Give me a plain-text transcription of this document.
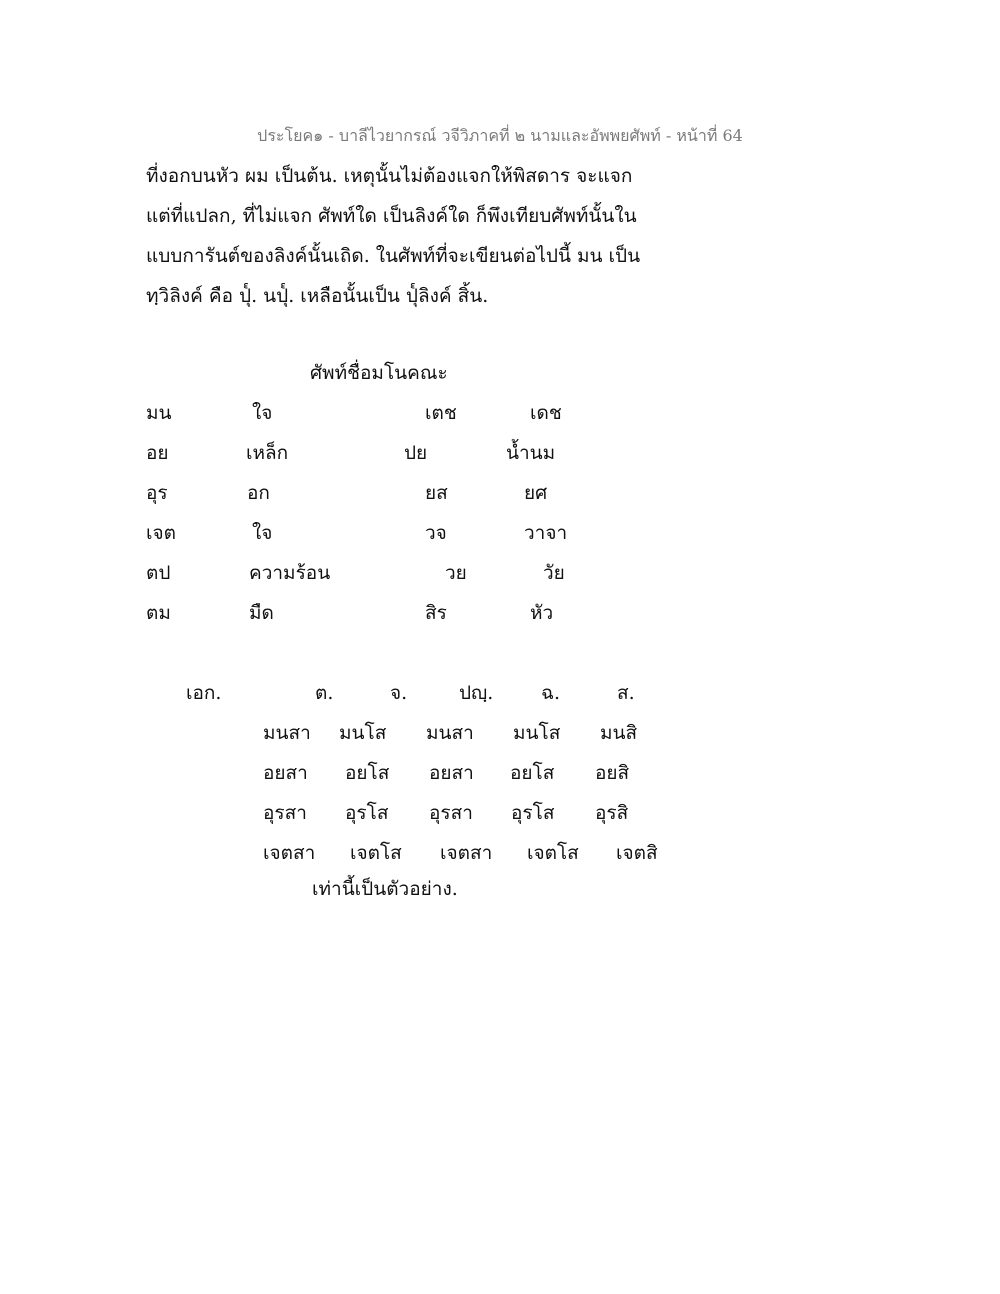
ประโยค๑ - บาลีไวยากรณ์ วจีวิภาคที่ ๒ นามและอัพพยศัพท์ - หน้าที่ 64
ที่งอกบนหัว ผม เป็นต้น. เหตุนั้นไม่ต้องแจกให้พิสดาร จะแจก
แต่ที่แปลก, ที่ไม่แจก ศัพท์ใด เป็นลิงค์ใด ก็พึงเทียบศัพท์นั้นใน
แบบการันต์ของลิงค์นั้นเถิด. ในศัพท์ที่จะเขียนต่อไปนี้ มน เป็น
ทฺวิลิงค์ คือ ปุ๎. นปุ๎. เหลือนั้นเป็น ปุ๎ลิงค์ สิ้น.
ศัพท์ชื่อมโนคณะ
มน	ใจ	เตช	เดช
อย	เหล็ก	ปย	น้ำนม
อุร	อก	ยส	ยศ
เจต	ใจ	วจ	วาจา
ตป	ความร้อน	วย	วัย
ตม	มืด	สิร	หัว
เอก.	ต.	จ.	ปญฺ.	ฉ.	ส.
มนสา มนโส มนสา มนโส มนสิ
อยสา อยโส อยสา อยโส อยสิ
อุรสา อุรโส อุรสา อุรโส อุรสิ
เจตสา เจตโส เจตสา เจตโส เจตสิ
เท่านี้เป็นตัวอย่าง.
